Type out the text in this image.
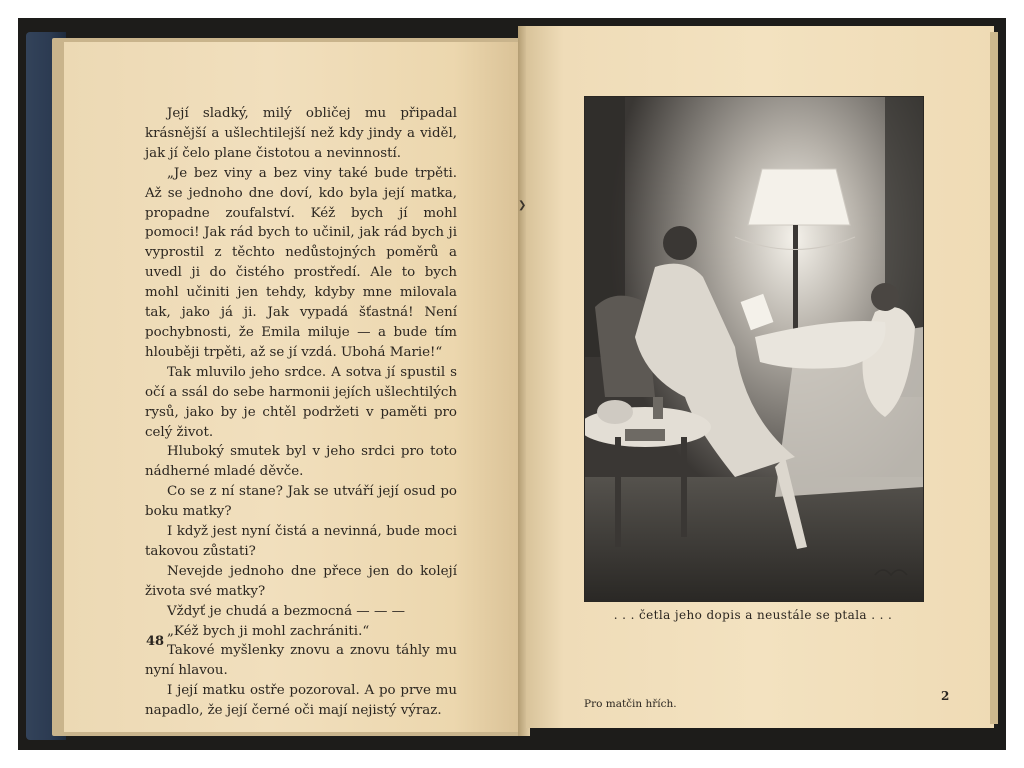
Její sladký, milý obličej mu připadal krásnější a ušlechtilejší než kdy jindy a viděl, jak jí čelo plane čistotou a nevinností.

„Je bez viny a bez viny také bude trpěti. Až se jednoho dne doví, kdo byla její matka, propadne zoufalství. Kéž bych jí mohl pomoci! Jak rád bych to učinil, jak rád bych ji vyprostil z těchto nedůstojných poměrů a uvedl ji do čistého prostředí. Ale to bych mohl učiniti jen tehdy, kdyby mne milovala tak, jako já ji. Jak vypadá šťastná! Není pochybnosti, že Emila miluje — a bude tím hlouběji trpěti, až se jí vzdá. Ubohá Marie!“

Tak mluvilo jeho srdce. A sotva jí spustil s očí a ssál do sebe harmonii jejích ušlechtilých rysů, jako by je chtěl podržeti v paměti pro celý život.

Hluboký smutek byl v jeho srdci pro toto nádherné mladé děvče.

Co se z ní stane? Jak se utváří její osud po boku matky?

I když jest nyní čistá a nevinná, bude moci takovou zůstati?

Nevejde jednoho dne přece jen do kolejí života své matky?

Vždyť je chudá a bezmocná — — —

„Kéž bych ji mohl zachrániti.“

Takové myšlenky znovu a znovu táhly mu nyní hlavou.

I její matku ostře pozoroval. A po prve mu napadlo, že její černé oči mají nejistý výraz.

48
❯
. . . četla jeho dopis a neustále se ptala . . .
Pro matčin hřích.
2
